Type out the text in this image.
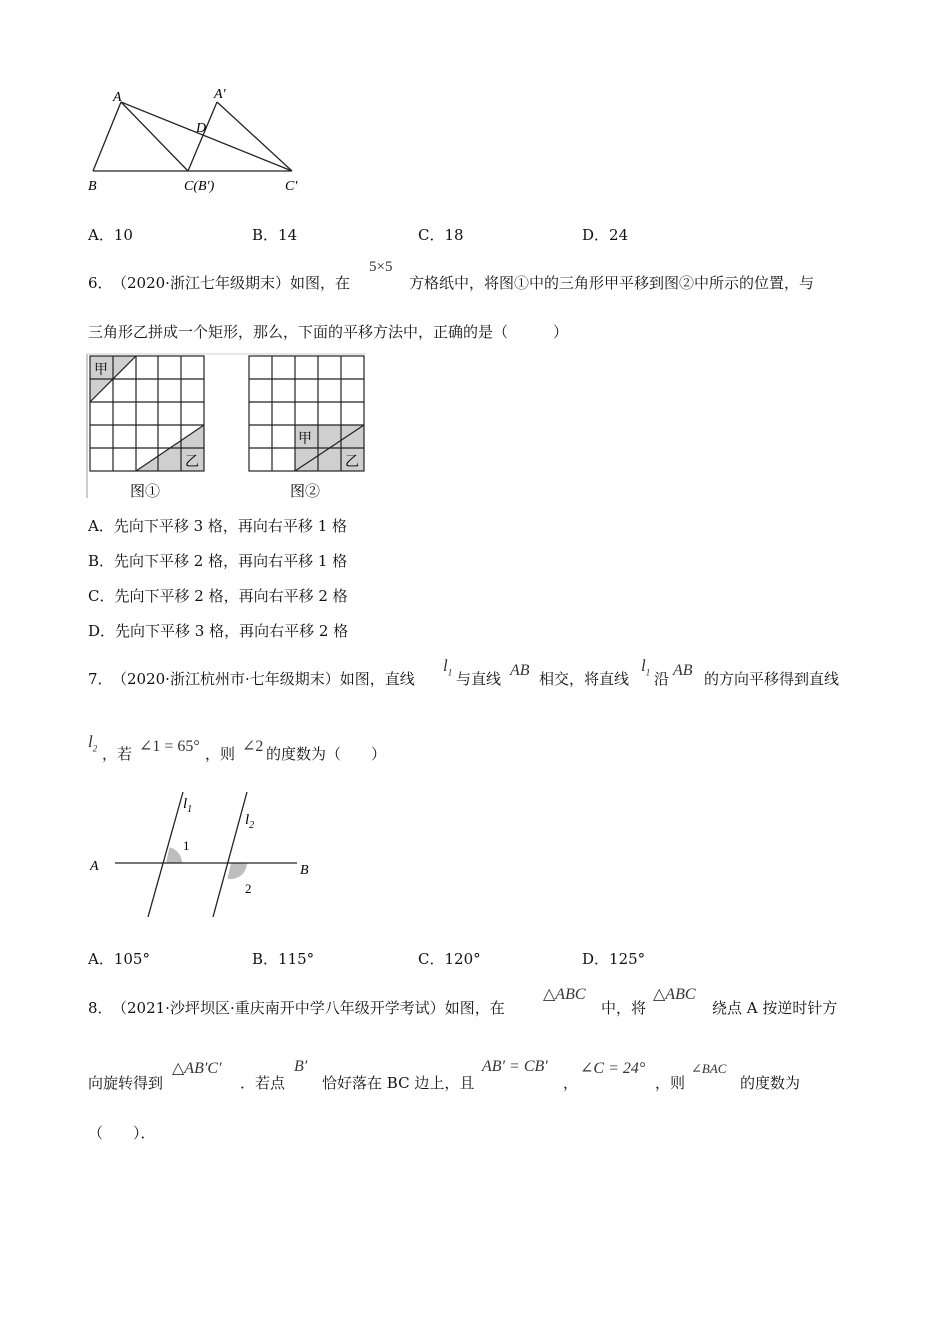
A	A′
D
B	C(B′)	C′
A．10	B．14	C．18	D．24
6． （2020·浙江七年级期末）如图，在
5×5
方格纸中，将图①中的三角形甲平移到图②中所示的位置，与
三角形乙拼成一个矩形，那么，下面的平移方法中，正确的是（　　　）
甲
乙
甲
乙
图①	图②
A．先向下平移 3 格，再向右平移 1 格
B．先向下平移 2 格，再向右平移 1 格
C．先向下平移 2 格，再向右平移 2 格
D．先向下平移 3 格，再向右平移 2 格
7． （2020·浙江杭州市·七年级期末）如图，直线
$l_1$ 与直线 AB 相交，将直线
$l_1$ 沿 AB 的方向平移得到直线
$l_2$ ，若 ∠1 = 65° ，则 ∠2 的度数为（　　）
A	B
$l_1$
$l_2$
1
2
A．105°	B．115°	C．120°	D．125°
8． （2021·沙坪坝区·重庆南开中学八年级开学考试）如图，在
△ABC
中，将
△ABC
绕点 A 按逆时针方
向旋转得到
△AB′C′
．若点
B′
恰好落在 BC 边上，且
AB′ = CB′
，
∠C = 24°
，则
∠BAC
的度数为
（　　）．
